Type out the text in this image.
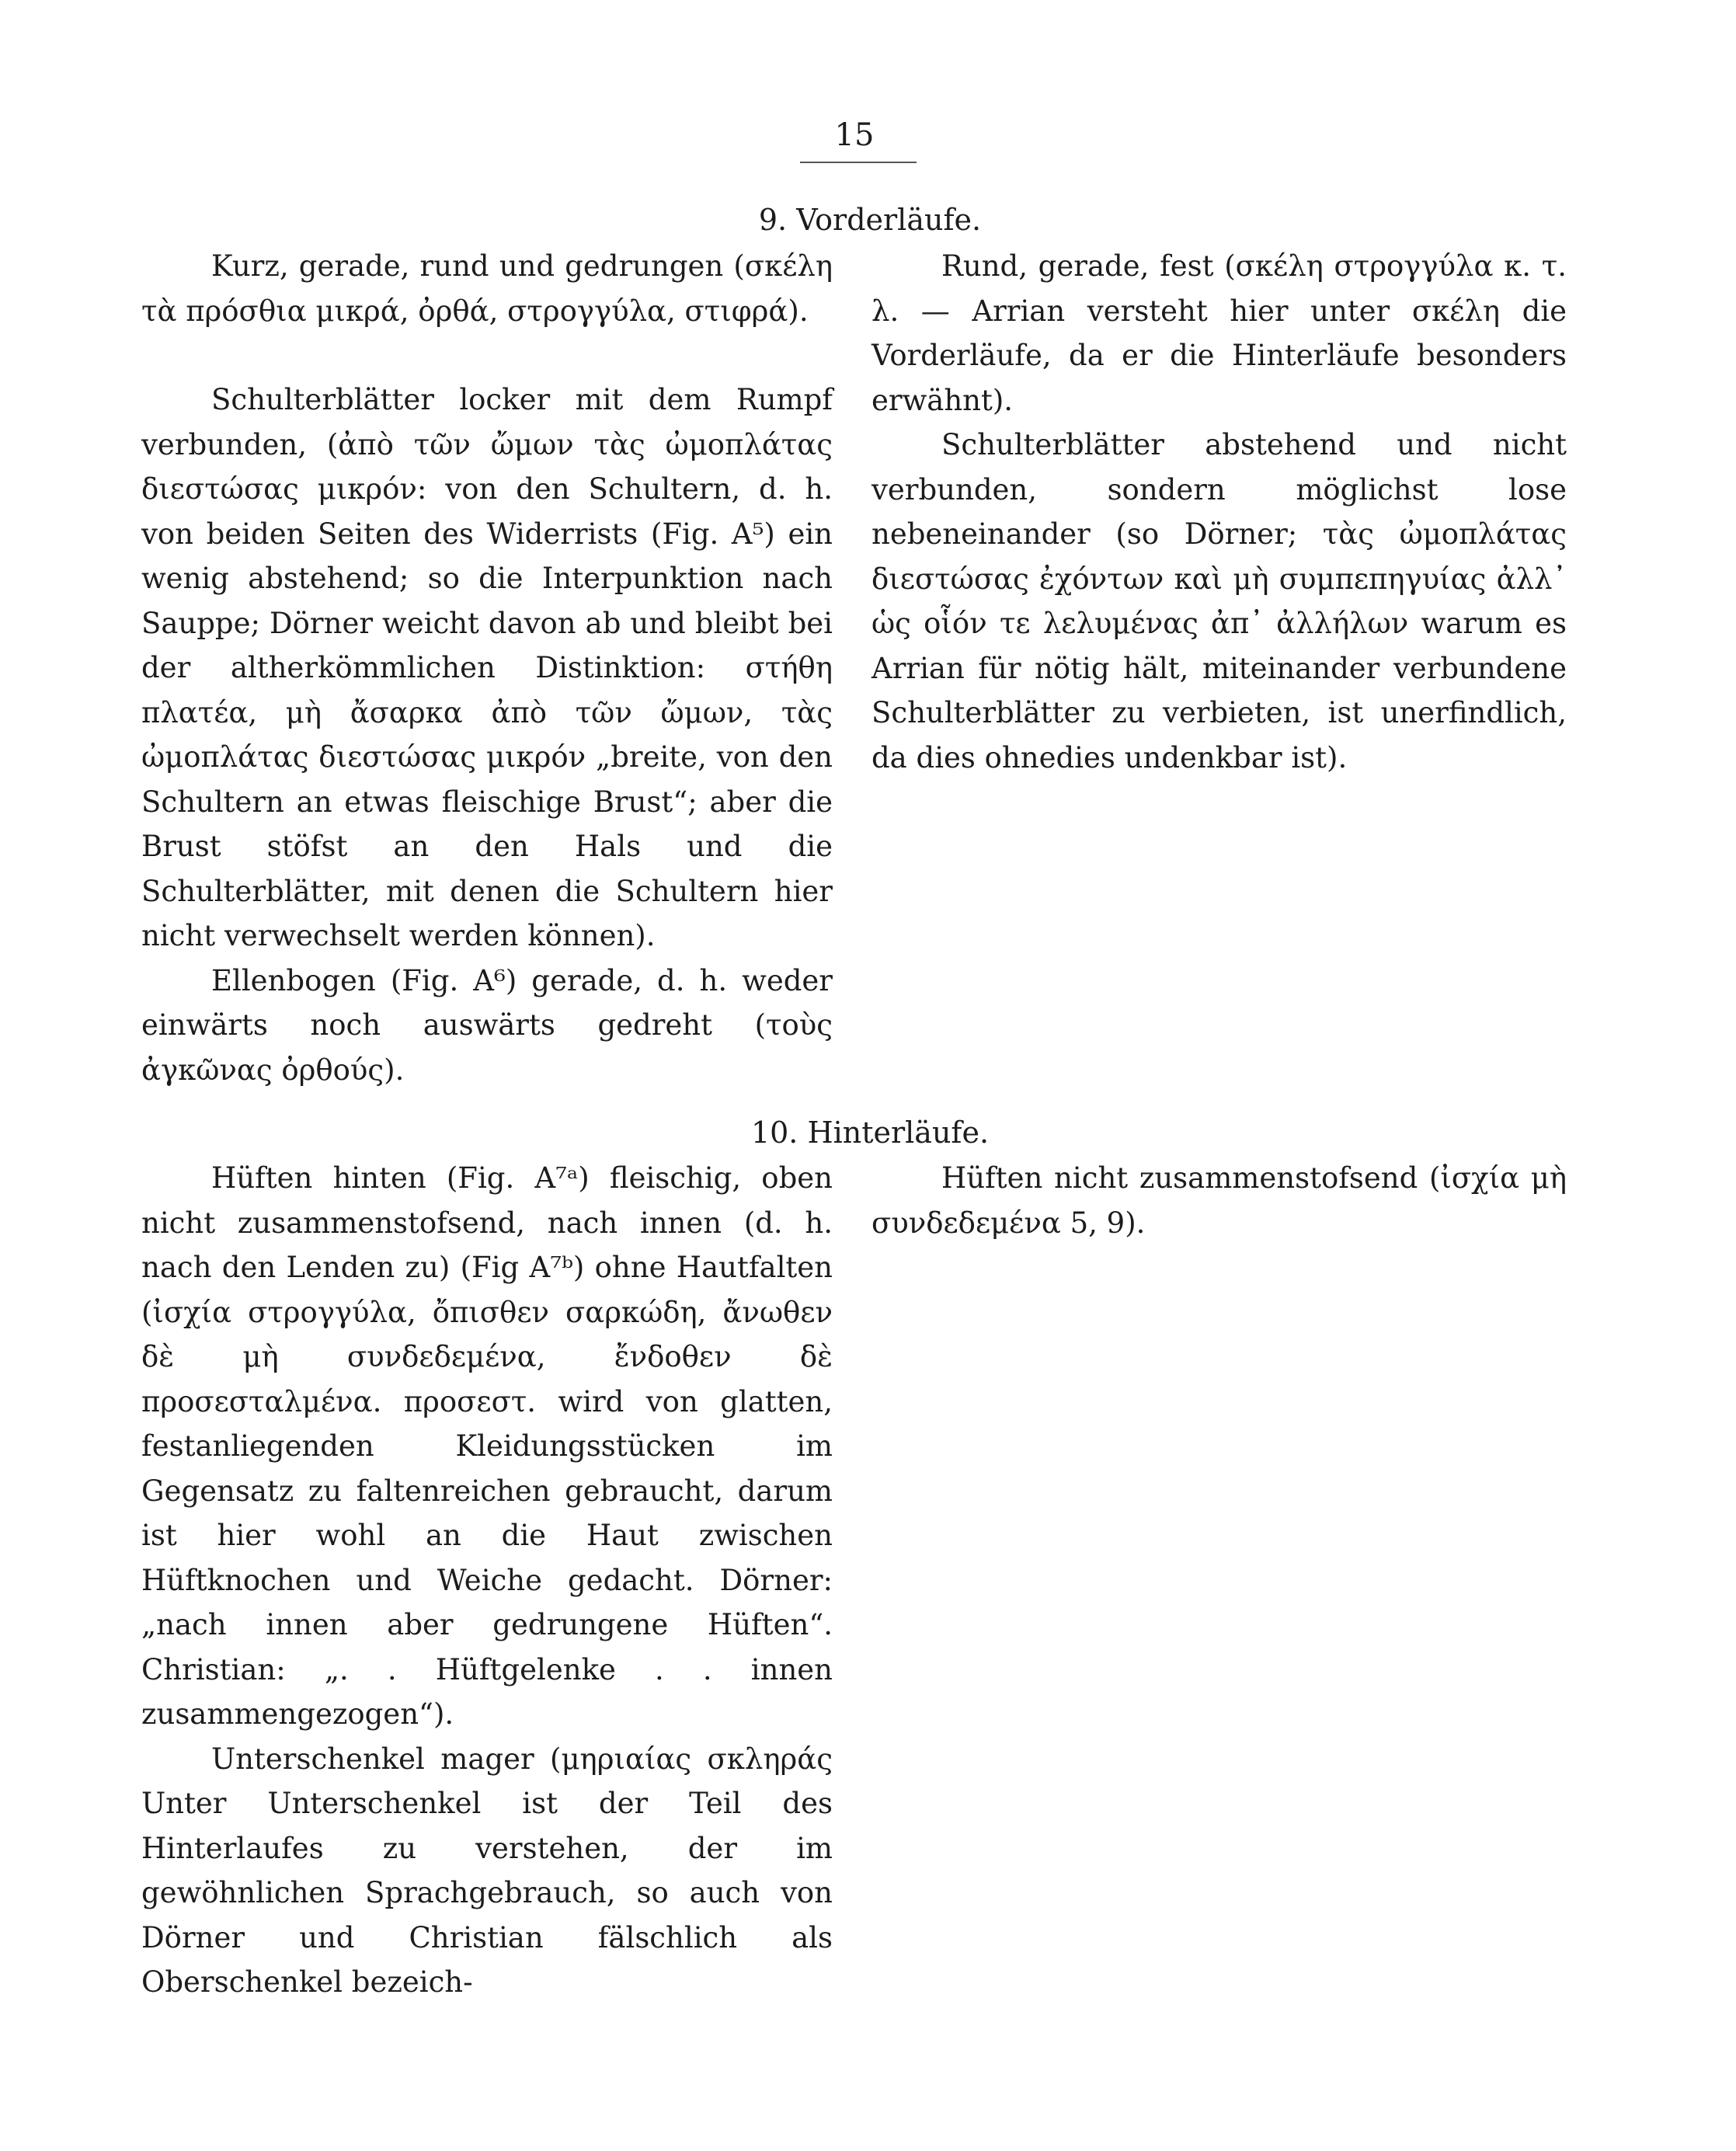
15
9. Vorderläufe.

Kurz, gerade, rund und gedrungen (σκέλη τὰ πρόσθια μικρά, ὀρθά, στρογγύλα, στιφρά).

Schulterblätter locker mit dem Rumpf verbunden, (ἀπὸ τῶν ὤμων τὰς ὠμοπλάτας διεστώσας μικρόν: von den Schultern, d. h. von beiden Seiten des Widerrists (Fig. A⁵) ein wenig abstehend; so die Interpunktion nach Sauppe; Dörner weicht davon ab und bleibt bei der altherkömmlichen Distinktion: στήθη πλατέα, μὴ ἄσαρκα ἀπὸ τῶν ὤμων, τὰς ὠμοπλάτας διεστώσας μικρόν „breite, von den Schultern an etwas fleischige Brust“; aber die Brust stöfst an den Hals und die Schulterblätter, mit denen die Schultern hier nicht verwechselt werden können).

Ellenbogen (Fig. A⁶) gerade, d. h. weder einwärts noch auswärts gedreht (τοὺς ἀγκῶνας ὀρθούς).

Rund, gerade, fest (σκέλη στρογγύλα κ. τ. λ. — Arrian versteht hier unter σκέλη die Vorderläufe, da er die Hinterläufe besonders erwähnt).

Schulterblätter abstehend und nicht verbunden, sondern möglichst lose nebeneinander (so Dörner; τὰς ὠμοπλάτας διεστώσας ἐχόντων καὶ μὴ συμπεπηγυίας ἀλλ᾽ ὡς οἷόν τε λελυμένας ἀπ᾽ ἀλλήλων warum es Arrian für nötig hält, miteinander verbundene Schulterblätter zu verbieten, ist unerfindlich, da dies ohnedies undenkbar ist).

10. Hinterläufe.

Hüften hinten (Fig. A⁷ᵃ) fleischig, oben nicht zusammenstofsend, nach innen (d. h. nach den Lenden zu) (Fig A⁷ᵇ) ohne Hautfalten (ἰσχία στρογγύλα, ὄπισθεν σαρκώδη, ἄνωθεν δὲ μὴ συνδεδεμένα, ἔνδοθεν δὲ προσεσταλμένα. προσεστ. wird von glatten, festanliegenden Kleidungsstücken im Gegensatz zu faltenreichen gebraucht, darum ist hier wohl an die Haut zwischen Hüftknochen und Weiche gedacht. Dörner: „nach innen aber gedrungene Hüften“. Christian: „. . Hüftgelenke . . innen zusammengezogen“).

Unterschenkel mager (μηριαίας σκληράς Unter Unterschenkel ist der Teil des Hinterlaufes zu verstehen, der im gewöhnlichen Sprachgebrauch, so auch von Dörner und Christian fälschlich als Oberschenkel bezeich-

Hüften nicht zusammenstofsend (ἰσχία μὴ συνδεδεμένα 5, 9).
